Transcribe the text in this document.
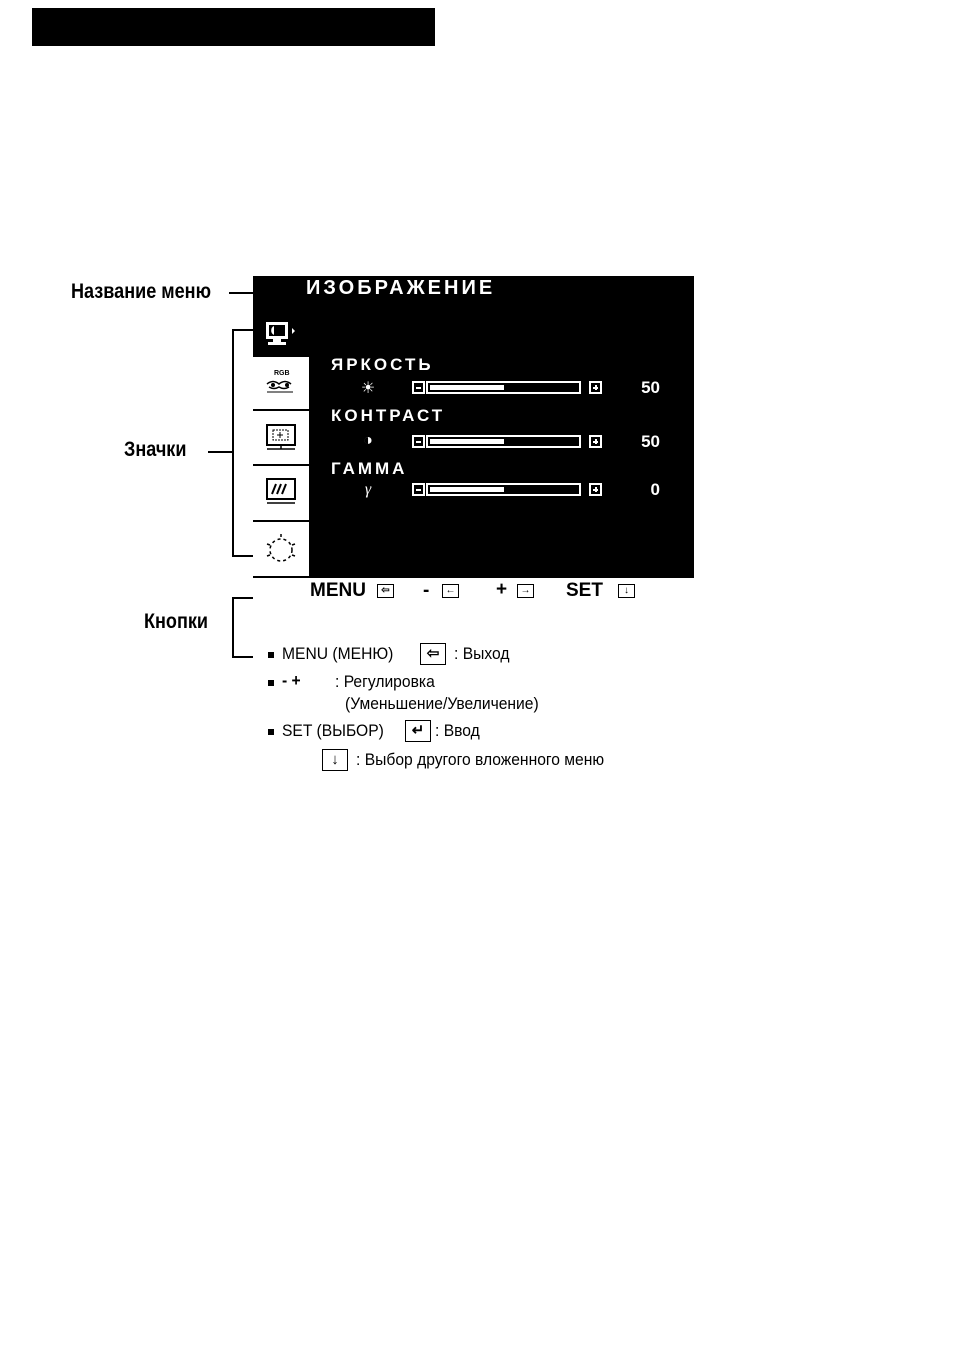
Название меню
Значки
Кнопки
ИЗОБРАЖЕНИЕ
RGB ЯРКОСТЬ
☀	50
КОНТРАСТ
◑	50
ГАММА
γ	0
MENU	⇦ -	← +	→ SET	↓
MENU (МЕНЮ)	⇦ : Выход
- + : Регулировка
(Уменьшение/Увеличение)
SET (ВЫБОР)	↵ : Ввод
↓	: Выбор другого вложенного меню
